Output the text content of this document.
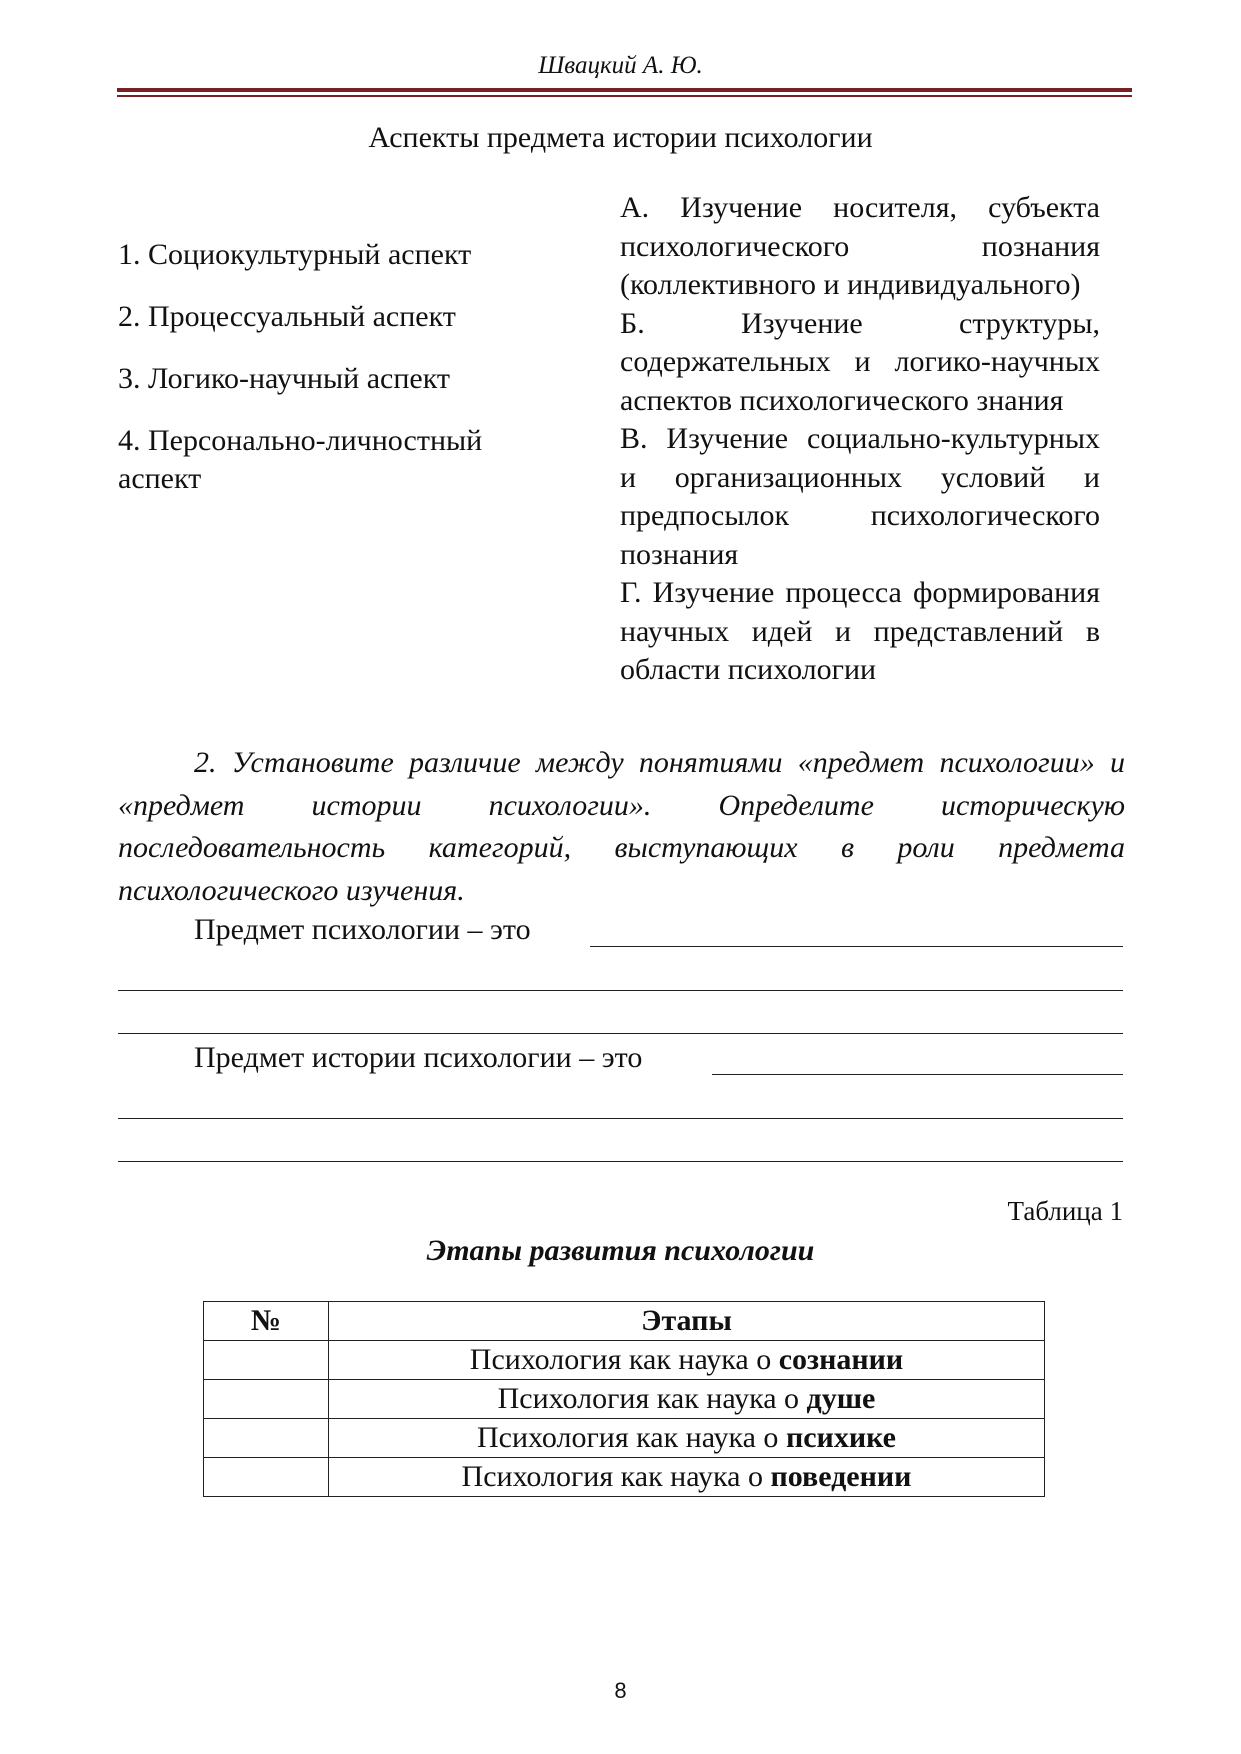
Швацкий А. Ю.
Аспекты предмета истории психологии
1. Социокультурный аспект
2. Процессуальный аспект
3. Логико-научный аспект
4. Персонально-личностный аспект

А. Изучение носителя, субъекта психологического познания (коллективного и индивидуального)

Б. Изучение структуры, содержательных и логико-научных аспектов психологического знания

В. Изучение социально-культурных и организационных условий и предпосылок психологического познания

Г. Изучение процесса формирования научных идей и представлений в области психологии

2. Установите различие между понятиями «предмет психологии» и «предмет истории психологии». Определите историческую последовательность категорий, выступающих в роли предмета психологического изучения.
Предмет психологии – это
Предмет истории психологии – это
Таблица 1
Этапы развития психологии
№	Этапы
	Психология как наука о сознании
	Психология как наука о душе
	Психология как наука о психике
	Психология как наука о поведении
8
